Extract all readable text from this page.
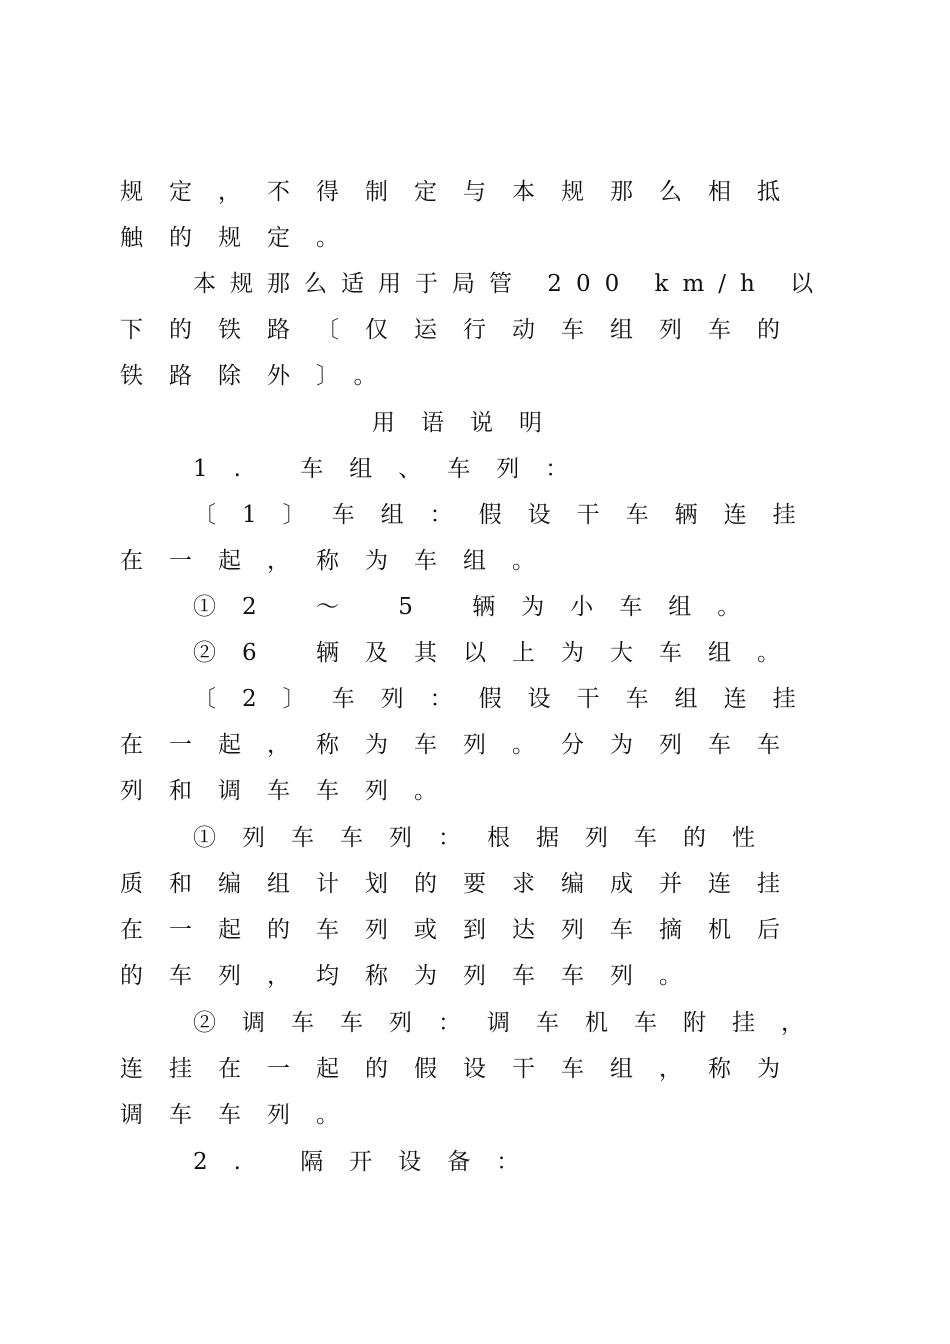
规定，不得制定与本规那么相抵
触的规定。
本规那么适用于局管 200 km/h 以
下的铁路〔仅运行动车组列车的
铁路除外〕。
用语说明
1. 车组、车列：
〔1〕车组：假设干车辆连挂
在一起，称为车组。
①2 ～ 5 辆为小车组。
②6 辆及其以上为大车组。
〔2〕车列：假设干车组连挂
在一起，称为车列。分为列车车
列和调车车列。
①列车车列：根据列车的性
质和编组计划的要求编成并连挂
在一起的车列或到达列车摘机后
的车列，均称为列车车列。
②调车车列：调车机车附挂，
连挂在一起的假设干车组，称为
调车车列。
2. 隔开设备：
